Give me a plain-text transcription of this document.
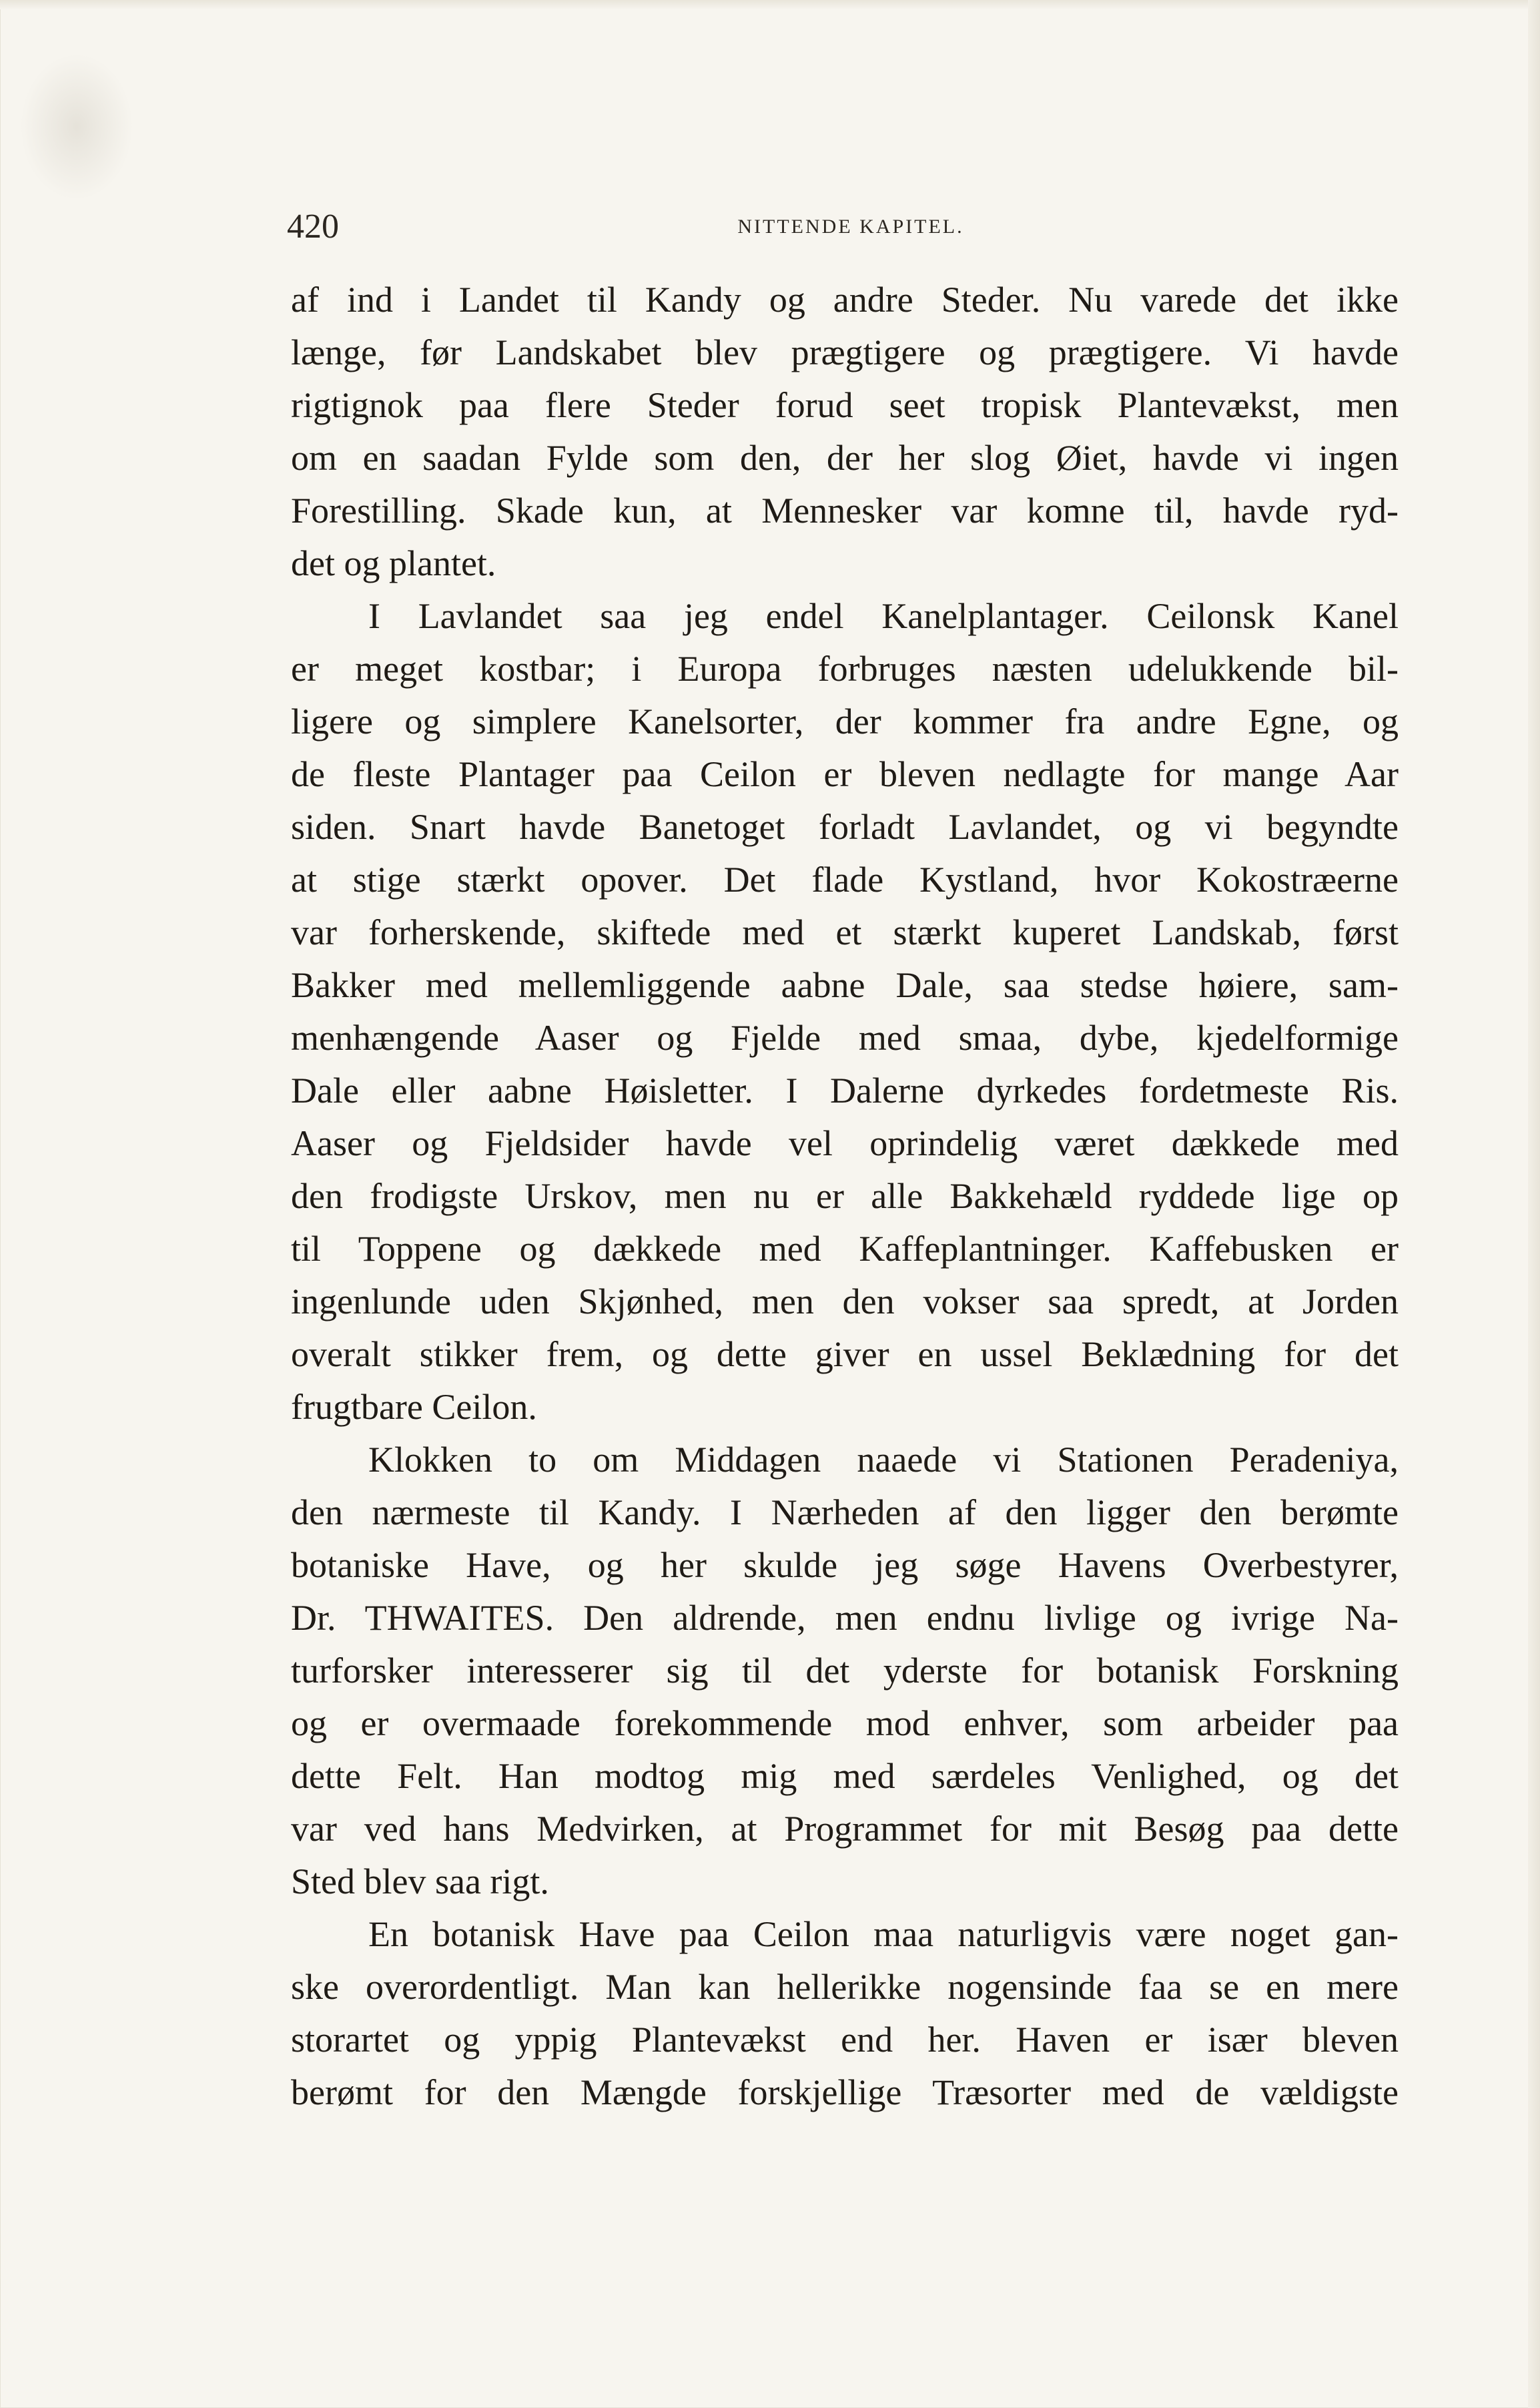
420	NITTENDE KAPITEL.
af ind i Landet til Kandy og andre Steder. Nu varede det ikke
længe, før Landskabet blev prægtigere og prægtigere. Vi havde
rigtignok paa flere Steder forud seet tropisk Plantevækst, men
om en saadan Fylde som den, der her slog Øiet, havde vi ingen
Forestilling. Skade kun, at Mennesker var komne til, havde ryd-
det og plantet.
I Lavlandet saa jeg endel Kanelplantager. Ceilonsk Kanel
er meget kostbar; i Europa forbruges næsten udelukkende bil-
ligere og simplere Kanelsorter, der kommer fra andre Egne, og
de fleste Plantager paa Ceilon er bleven nedlagte for mange Aar
siden. Snart havde Banetoget forladt Lavlandet, og vi begyndte
at stige stærkt opover. Det flade Kystland, hvor Kokostræerne
var forherskende, skiftede med et stærkt kuperet Landskab, først
Bakker med mellemliggende aabne Dale, saa stedse høiere, sam-
menhængende Aaser og Fjelde med smaa, dybe, kjedelformige
Dale eller aabne Høisletter. I Dalerne dyrkedes fordetmeste Ris.
Aaser og Fjeldsider havde vel oprindelig været dækkede med
den frodigste Urskov, men nu er alle Bakkehæld ryddede lige op
til Toppene og dækkede med Kaffeplantninger. Kaffebusken er
ingenlunde uden Skjønhed, men den vokser saa spredt, at Jorden
overalt stikker frem, og dette giver en ussel Beklædning for det
frugtbare Ceilon.
Klokken to om Middagen naaede vi Stationen Peradeniya,
den nærmeste til Kandy. I Nærheden af den ligger den berømte
botaniske Have, og her skulde jeg søge Havens Overbestyrer,
Dr. THWAITES. Den aldrende, men endnu livlige og ivrige Na-
turforsker interesserer sig til det yderste for botanisk Forskning
og er overmaade forekommende mod enhver, som arbeider paa
dette Felt. Han modtog mig med særdeles Venlighed, og det
var ved hans Medvirken, at Programmet for mit Besøg paa dette
Sted blev saa rigt.
En botanisk Have paa Ceilon maa naturligvis være noget gan-
ske overordentligt. Man kan hellerikke nogensinde faa se en mere
storartet og yppig Plantevækst end her. Haven er især bleven
berømt for den Mængde forskjellige Træsorter med de vældigste
